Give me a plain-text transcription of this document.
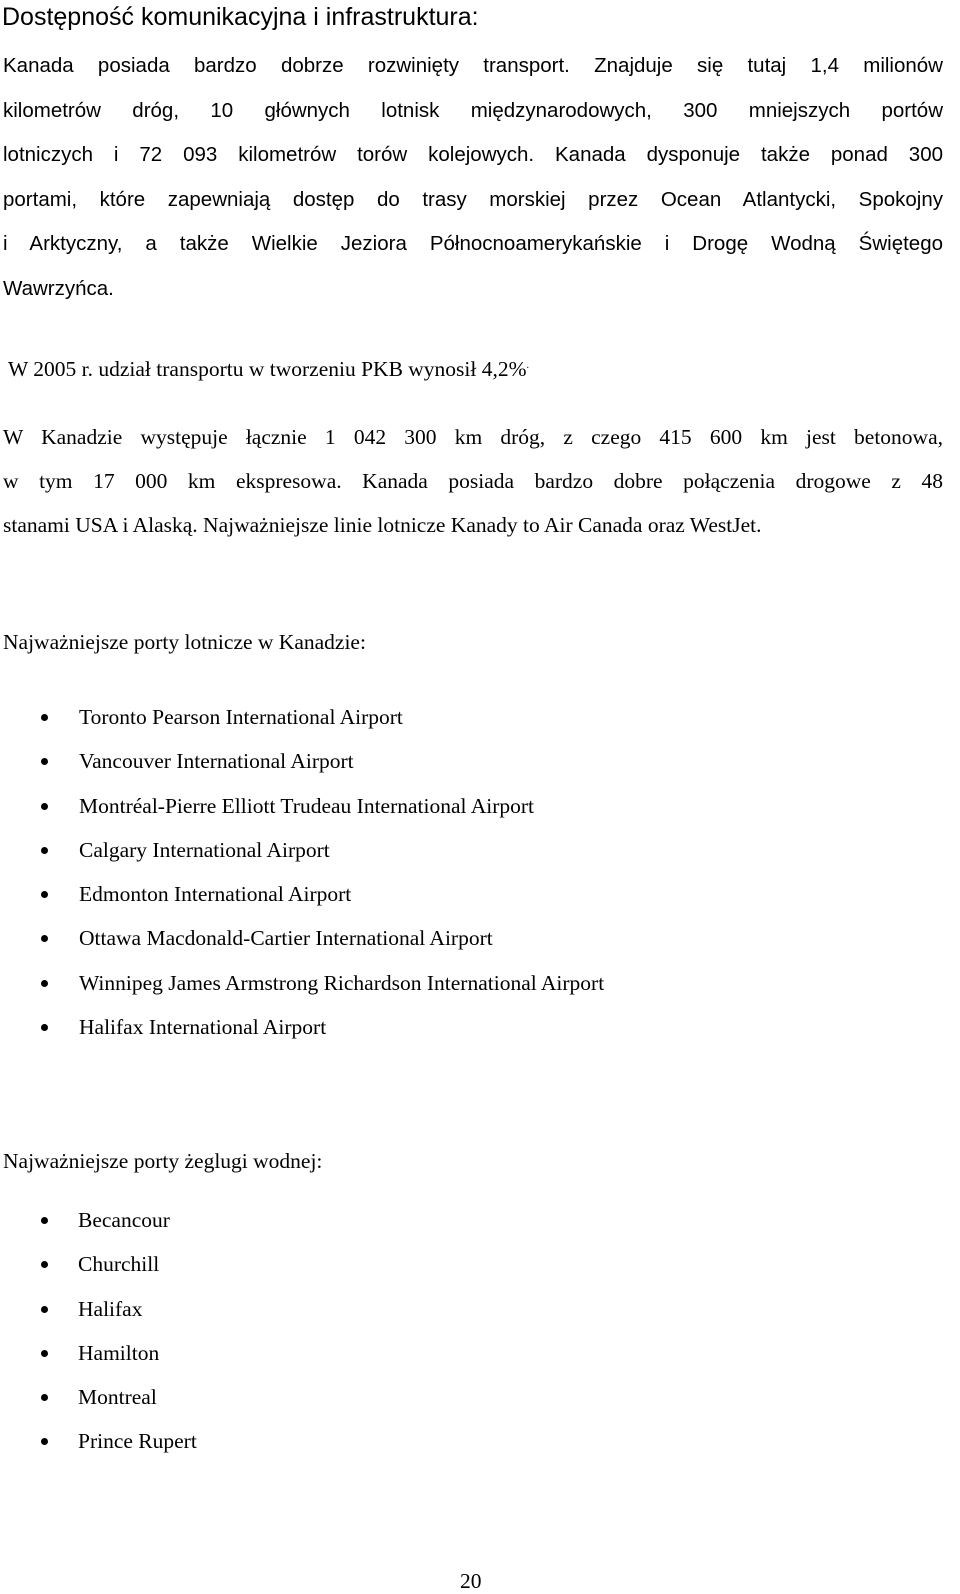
Dostępność komunikacyjna i infrastruktura:
Kanada posiada bardzo dobrze rozwinięty transport. Znajduje się tutaj 1,4 milionów
kilometrów dróg, 10 głównych lotnisk międzynarodowych, 300 mniejszych portów
lotniczych i 72 093 kilometrów torów kolejowych. Kanada dysponuje także ponad 300
portami, które zapewniają dostęp do trasy morskiej przez Ocean Atlantycki, Spokojny
i Arktyczny, a także Wielkie Jeziora Północnoamerykańskie i Drogę Wodną Świętego
Wawrzyńca.
W 2005 r. udział transportu w tworzeniu PKB wynosił 4,2%.
W Kanadzie występuje łącznie 1 042 300 km dróg, z czego 415 600 km jest betonowa,
w tym 17 000 km ekspresowa. Kanada posiada bardzo dobre połączenia drogowe z 48
stanami USA i Alaską. Najważniejsze linie lotnicze Kanady to Air Canada oraz WestJet.
Najważniejsze porty lotnicze w Kanadzie:
Toronto Pearson International Airport
Vancouver International Airport
Montréal-Pierre Elliott Trudeau International Airport
Calgary International Airport
Edmonton International Airport
Ottawa Macdonald-Cartier International Airport
Winnipeg James Armstrong Richardson International Airport
Halifax International Airport
Najważniejsze porty żeglugi wodnej:
Becancour
Churchill
Halifax
Hamilton
Montreal
Prince Rupert
20
